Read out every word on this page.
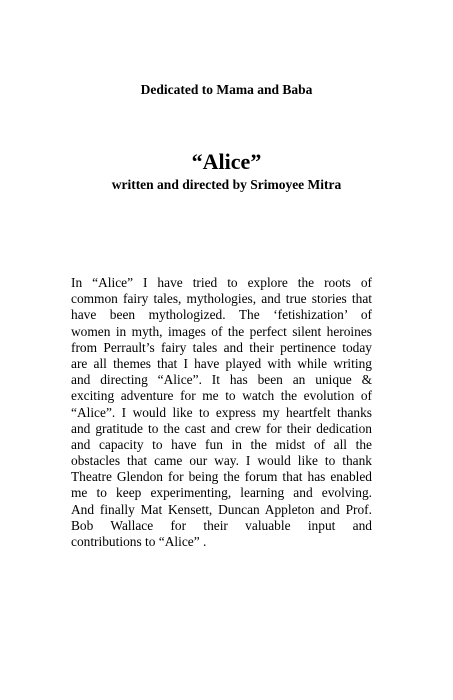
Dedicated to Mama and Baba
“Alice”
written and directed by Srimoyee Mitra
In “Alice” I have tried to explore the roots of
common fairy tales, mythologies, and true stories that
have been mythologized. The ‘fetishization’ of
women in myth, images of the perfect silent heroines
from Perrault’s fairy tales and their pertinence today
are all themes that I have played with while writing
and directing “Alice”. It has been an unique &
exciting adventure for me to watch the evolution of
“Alice”. I would like to express my heartfelt thanks
and gratitude to the cast and crew for their dedication
and capacity to have fun in the midst of all the
obstacles that came our way. I would like to thank
Theatre Glendon for being the forum that has enabled
me to keep experimenting, learning and evolving.
And finally Mat Kensett, Duncan Appleton and Prof.
Bob Wallace for their valuable input and
contributions to “Alice” .
